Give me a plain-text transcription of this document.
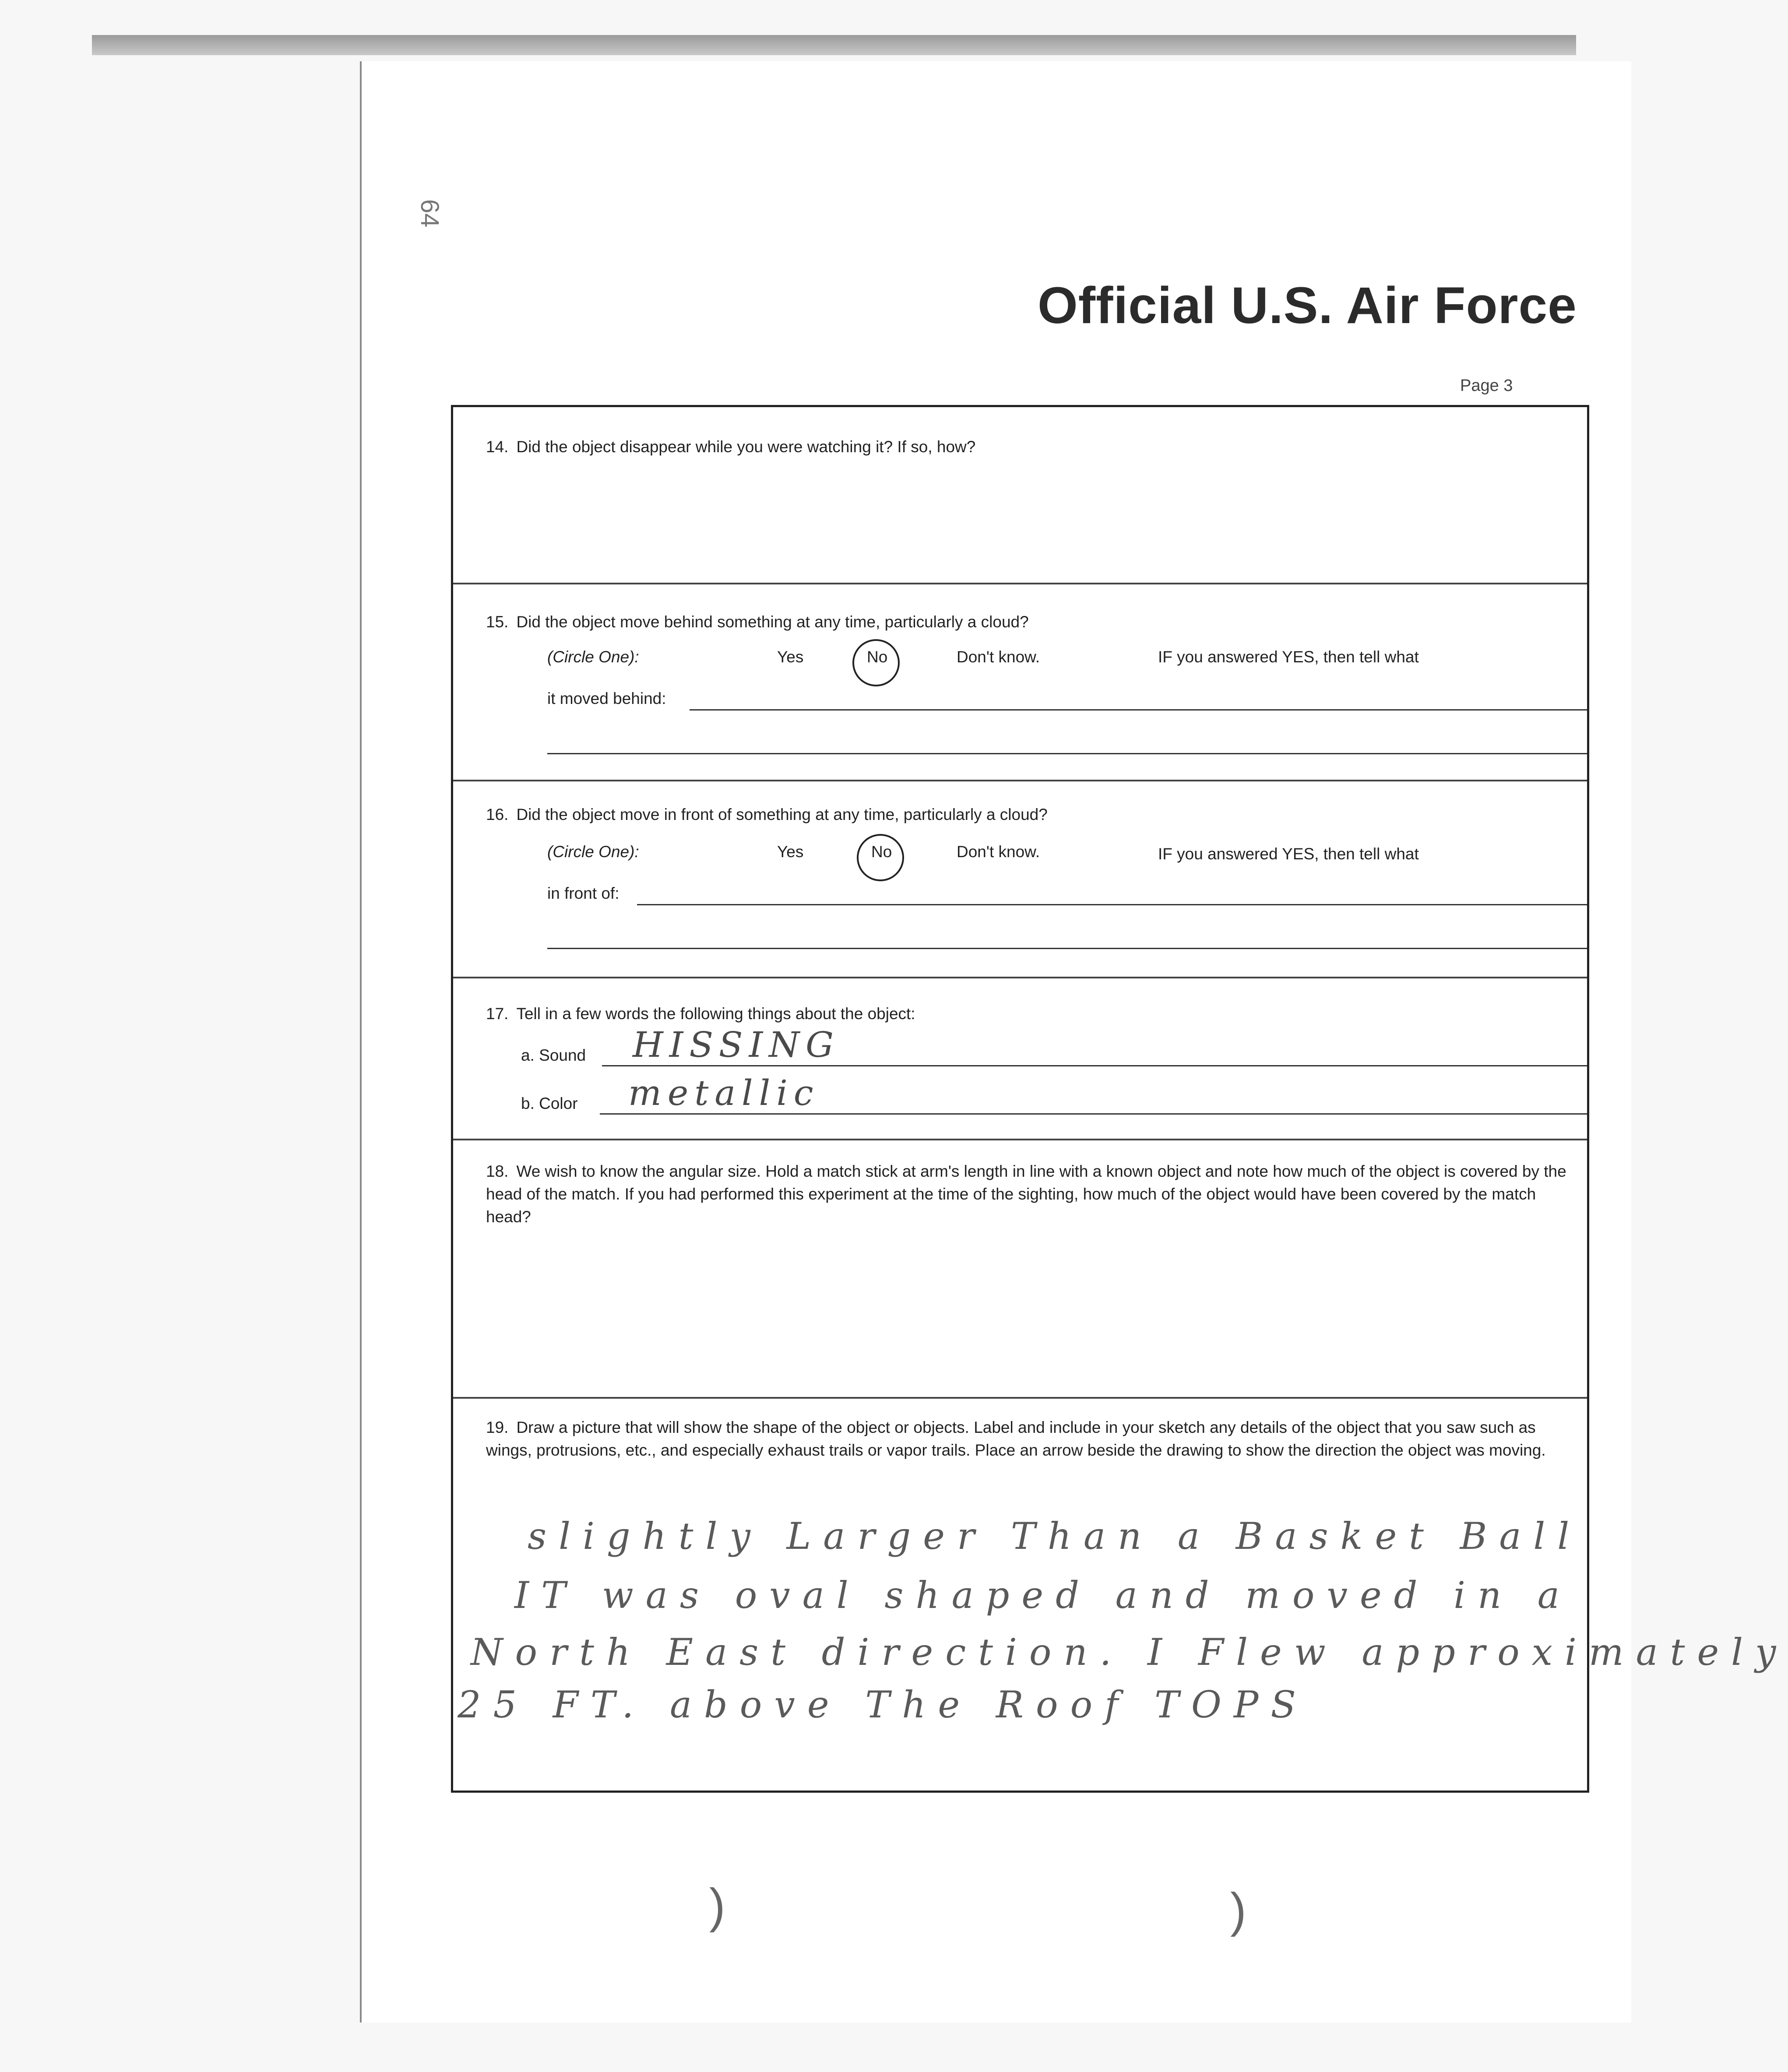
64
Official U.S. Air Force
Page 3
14. Did the object disappear while you were watching it? If so, how?
15. Did the object move behind something at any time, particularly a cloud?
(Circle One):	Yes	No	Don't know.	IF you answered YES, then tell what
it moved behind:
16. Did the object move in front of something at any time, particularly a cloud?
(Circle One):	Yes	No	Don't know.	IF you answered YES, then tell what
in front of:
17. Tell in a few words the following things about the object:
a. Sound HISSING
b. Color metallic
18. We wish to know the angular size. Hold a match stick at arm's length in line with a known object and note how much of the object is covered by the head of the match. If you had performed this experiment at the time of the sighting, how much of the object would have been covered by the match head?
19. Draw a picture that will show the shape of the object or objects. Label and include in your sketch any details of the object that you saw such as wings, protrusions, etc., and especially exhaust trails or vapor trails. Place an arrow beside the drawing to show the direction the object was moving.
slightly Larger Than a Basket Ball
IT was oval shaped and moved in a
North East direction. I Flew approximately
25 FT. above The Roof TOPS
)	)
